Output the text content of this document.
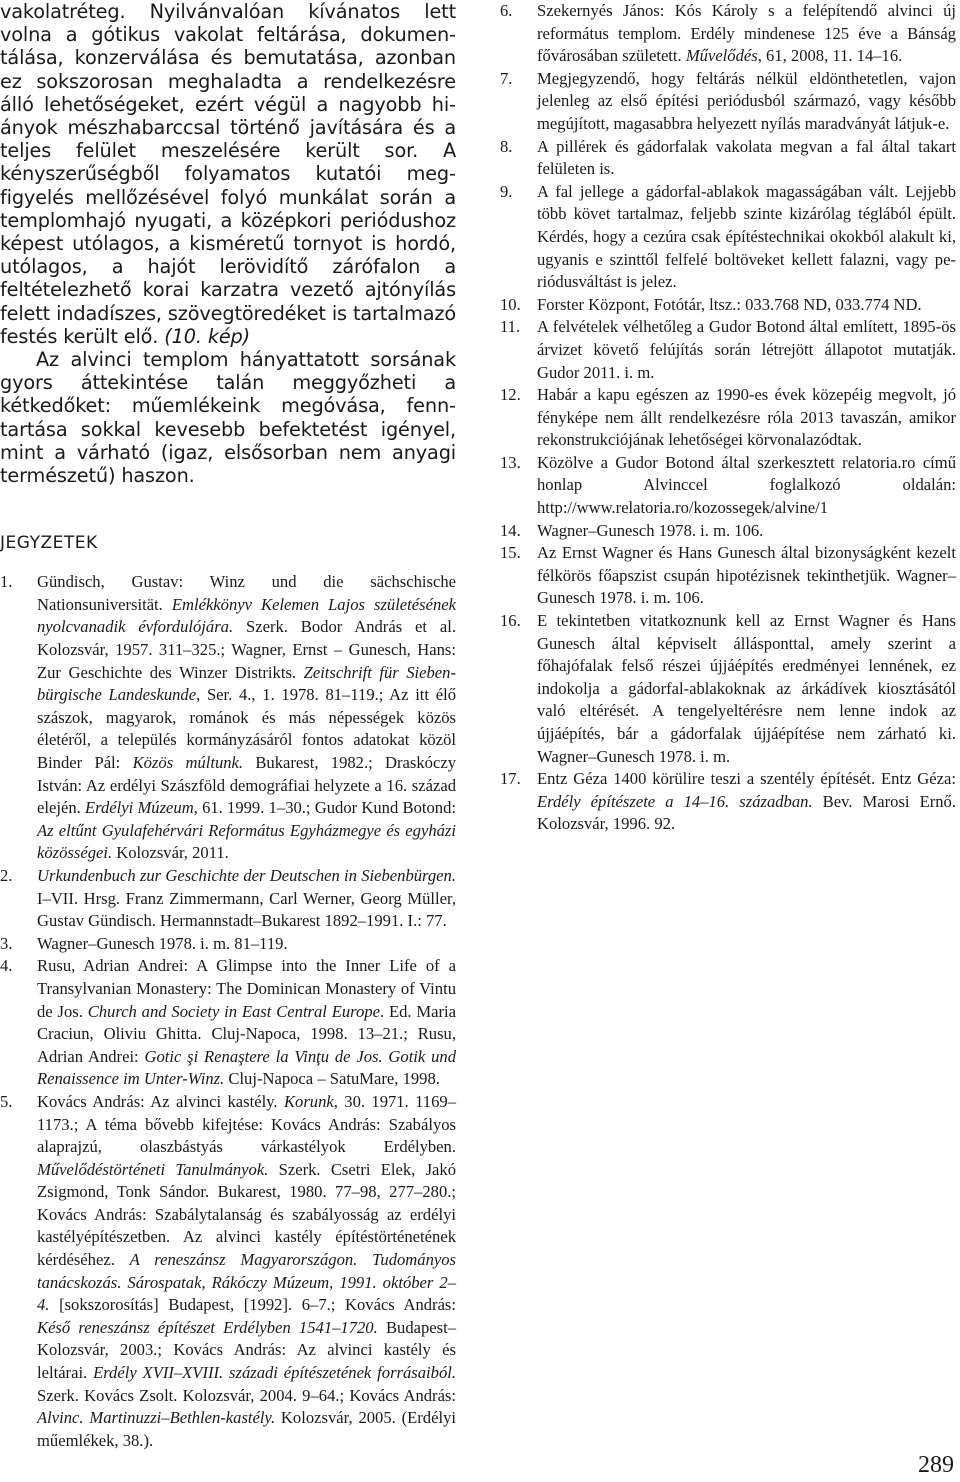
vakolatréteg. Nyilvánvalóan kívánatos lett volna a gótikus vakolat feltárása, dokumentálása, konzerválása és bemutatása, azonban ez sokszorosan meghaladta a rendelkezésre álló lehetőségeket, ezért végül a nagyobb hiányok mészhabarccsal történő javítására és a teljes felület meszelésére került sor. A kényszerűségből folyamatos kutatói megfigyelés mellőzésével folyó munkálat során a templomhajó nyugati, a középkori periódushoz képest utólagos, a kisméretű tornyot is hordó, utólagos, a hajót lerövidítő zárófalon a feltételezhető korai karzatra vezető ajtónyílás felett indadíszes, szövegtöredéket is tartalmazó festés került elő. (10. kép)

Az alvinci templom hányattatott sorsának gyors áttekintése talán meggyőzheti a kétkedőket: műemlékeink megóvása, fenntartása sokkal kevesebb befektetést igényel, mint a várható (igaz, elsősorban nem anyagi természetű) haszon.

JEGYZETEK
1. Gündisch, Gustav: Winz und die sächschische Nationsuniversität. Emlékkönyv Kelemen Lajos születésének nyolcvanadik évfordulójára. Szerk. Bodor András et al. Kolozsvár, 1957. 311–325.; Wagner, Ernst – Gunesch, Hans: Zur Geschichte des Winzer Distrikts. Zeitschrift für Siebenbürgische Landeskunde, Ser. 4., 1. 1978. 81–119.; Az itt élő szászok, magyarok, románok és más népességek közös életéről, a település kormányzásáról fontos adatokat közöl Binder Pál: Közös múltunk. Bukarest, 1982.; Draskóczy István: Az erdélyi Szászföld demográfiai helyzete a 16. század elején. Erdélyi Múzeum, 61. 1999. 1–30.; Gudor Kund Botond: Az eltűnt Gyulafehérvári Református Egyházmegye és egyházi közösségei. Kolozsvár, 2011.
2. Urkundenbuch zur Geschichte der Deutschen in Siebenbürgen. I–VII. Hrsg. Franz Zimmermann, Carl Werner, Georg Müller, Gustav Gündisch. Hermannstadt–Bukarest 1892–1991. I.: 77.
3. Wagner–Gunesch 1978. i. m. 81–119.
4. Rusu, Adrian Andrei: A Glimpse into the Inner Life of a Transylvanian Monastery: The Dominican Monastery of Vintu de Jos. Church and Society in East Central Europe. Ed. Maria Craciun, Oliviu Ghitta. Cluj-Napoca, 1998. 13–21.; Rusu, Adrian Andrei: Gotic şi Renaştere la Vinţu de Jos. Gotik und Renaissence im Unter-Winz. Cluj-Napoca – SatuMare, 1998.
5. Kovács András: Az alvinci kastély. Korunk, 30. 1971. 1169–1173.; A téma bővebb kifejtése: Kovács András: Szabályos alaprajzú, olaszbástyás várkastélyok Erdélyben. Művelődéstörténeti Tanulmányok. Szerk. Csetri Elek, Jakó Zsigmond, Tonk Sándor. Bukarest, 1980. 77–98, 277–280.; Kovács András: Szabálytalanság és szabályosság az erdélyi kastélyépítészetben. Az alvinci kastély építéstörténetének kérdéséhez. A reneszánsz Magyarországon. Tudományos tanácskozás. Sárospatak, Rákóczy Múzeum, 1991. október 2–4. [sokszorosítás] Budapest, [1992]. 6–7.; Kovács András: Késő reneszánsz építészet Erdélyben 1541–1720. Budapest–Kolozsvár, 2003.; Kovács András: Az alvinci kastély és leltárai. Erdély XVII–XVIII. századi építészetének forrásaiból. Szerk. Kovács Zsolt. Kolozsvár, 2004. 9–64.; Kovács András: Alvinc. Martinuzzi–Bethlen-kastély. Kolozsvár, 2005. (Erdélyi műemlékek, 38.).
6. Szekernyés János: Kós Károly s a felépítendő alvinci új református templom. Erdély mindenese 125 éve a Bánság fővárosában született. Művelődés, 61, 2008, 11. 14–16.
7. Megjegyzendő, hogy feltárás nélkül eldönthetetlen, vajon jelenleg az első építési periódusból származó, vagy később megújított, magasabbra helyezett nyílás maradványát látjuk-e.
8. A pillérek és gádorfalak vakolata megvan a fal által takart felületen is.
9. A fal jellege a gádorfal-ablakok magasságában vált. Lejjebb több követ tartalmaz, feljebb szinte kizárólag téglából épült. Kérdés, hogy a cezúra csak építéstechnikai okokból alakult ki, ugyanis e szinttől felfelé boltöveket kellett falazni, vagy periódusváltást is jelez.
10. Forster Központ, Fotótár, ltsz.: 033.768 ND, 033.774 ND.
11. A felvételek vélhetőleg a Gudor Botond által említett, 1895-ös árvizet követő felújítás során létrejött állapotot mutatják. Gudor 2011. i. m.
12. Habár a kapu egészen az 1990-es évek közepéig megvolt, jó fényképe nem állt rendelkezésre róla 2013 tavaszán, amikor rekonstrukciójának lehetőségei körvonalazódtak.
13. Közölve a Gudor Botond által szerkesztett relatoria.ro című honlap Alvinccel foglalkozó oldalán: http://www.relatoria.ro/kozossegek/alvine/1
14. Wagner–Gunesch 1978. i. m. 106.
15. Az Ernst Wagner és Hans Gunesch által bizonyságként kezelt félkörös főapszist csupán hipotézisnek tekinthetjük. Wagner–Gunesch 1978. i. m. 106.
16. E tekintetben vitatkoznunk kell az Ernst Wagner és Hans Gunesch által képviselt állásponttal, amely szerint a főhajófalak felső részei újjáépítés eredményei lennének, ez indokolja a gádorfal-ablakoknak az árkádívek kiosztásától való eltérését. A tengelyeltérésre nem lenne indok az újjáépítés, bár a gádorfalak újjáépítése nem zárható ki. Wagner–Gunesch 1978. i. m.
17. Entz Géza 1400 körülire teszi a szentély építését. Entz Géza: Erdély építészete a 14–16. században. Bev. Marosi Ernő. Kolozsvár, 1996. 92.
289
